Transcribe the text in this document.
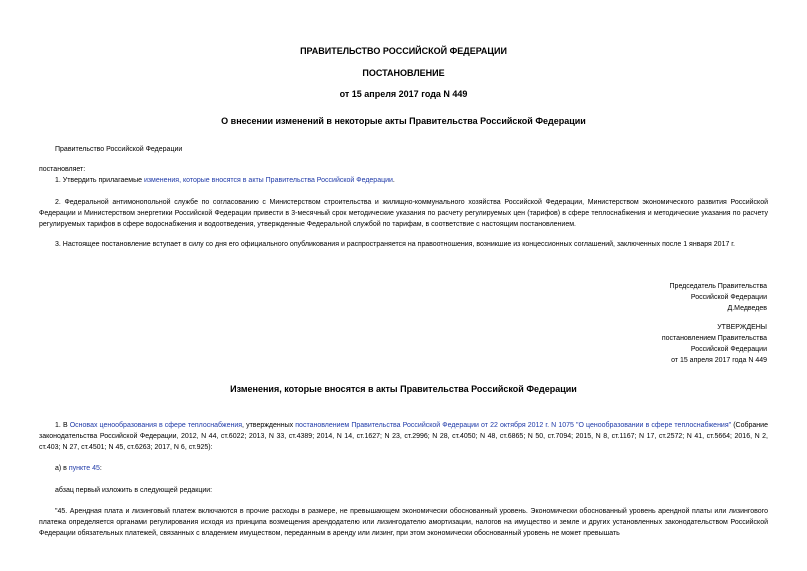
ПРАВИТЕЛЬСТВО РОССИЙСКОЙ ФЕДЕРАЦИИ
ПОСТАНОВЛЕНИЕ
от 15 апреля 2017 года N 449
О внесении изменений в некоторые акты Правительства Российской Федерации
Правительство Российской Федерации
постановляет:
1. Утвердить прилагаемые изменения, которые вносятся в акты Правительства Российской Федерации.
2. Федеральной антимонопольной службе по согласованию с Министерством строительства и жилищно-коммунального хозяйства Российской Федерации, Министерством экономического развития Российской Федерации и Министерством энергетики Российской Федерации привести в 3-месячный срок методические указания по расчету регулируемых цен (тарифов) в сфере теплоснабжения и методические указания по расчету регулируемых тарифов в сфере водоснабжения и водоотведения, утвержденные Федеральной службой по тарифам, в соответствие с настоящим постановлением.
3. Настоящее постановление вступает в силу со дня его официального опубликования и распространяется на правоотношения, возникшие из концессионных соглашений, заключенных после 1 января 2017 г.
Председатель Правительства
Российской Федерации
Д.Медведев
УТВЕРЖДЕНЫ
постановлением Правительства
Российской Федерации
от 15 апреля 2017 года N 449
Изменения, которые вносятся в акты Правительства Российской Федерации
1. В Основах ценообразования в сфере теплоснабжения, утвержденных постановлением Правительства Российской Федерации от 22 октября 2012 г. N 1075 "О ценообразовании в сфере теплоснабжения" (Собрание законодательства Российской Федерации, 2012, N 44, ст.6022; 2013, N 33, ст.4389; 2014, N 14, ст.1627; N 23, ст.2996; N 28, ст.4050; N 48, ст.6865; N 50, ст.7094; 2015, N 8, ст.1167; N 17, ст.2572; N 41, ст.5664; 2016, N 2, ст.403; N 27, ст.4501; N 45, ст.6263; 2017, N 6, ст.925):
а) в пункте 45:
абзац первый изложить в следующей редакции:
"45. Арендная плата и лизинговый платеж включаются в прочие расходы в размере, не превышающем экономически обоснованный уровень. Экономически обоснованный уровень арендной платы или лизингового платежа определяется органами регулирования исходя из принципа возмещения арендодателю или лизингодателю амортизации, налогов на имущество и земле и других установленных законодательством Российской Федерации обязательных платежей, связанных с владением имуществом, переданным в аренду или лизинг, при этом экономически обоснованный уровень не может превышать
